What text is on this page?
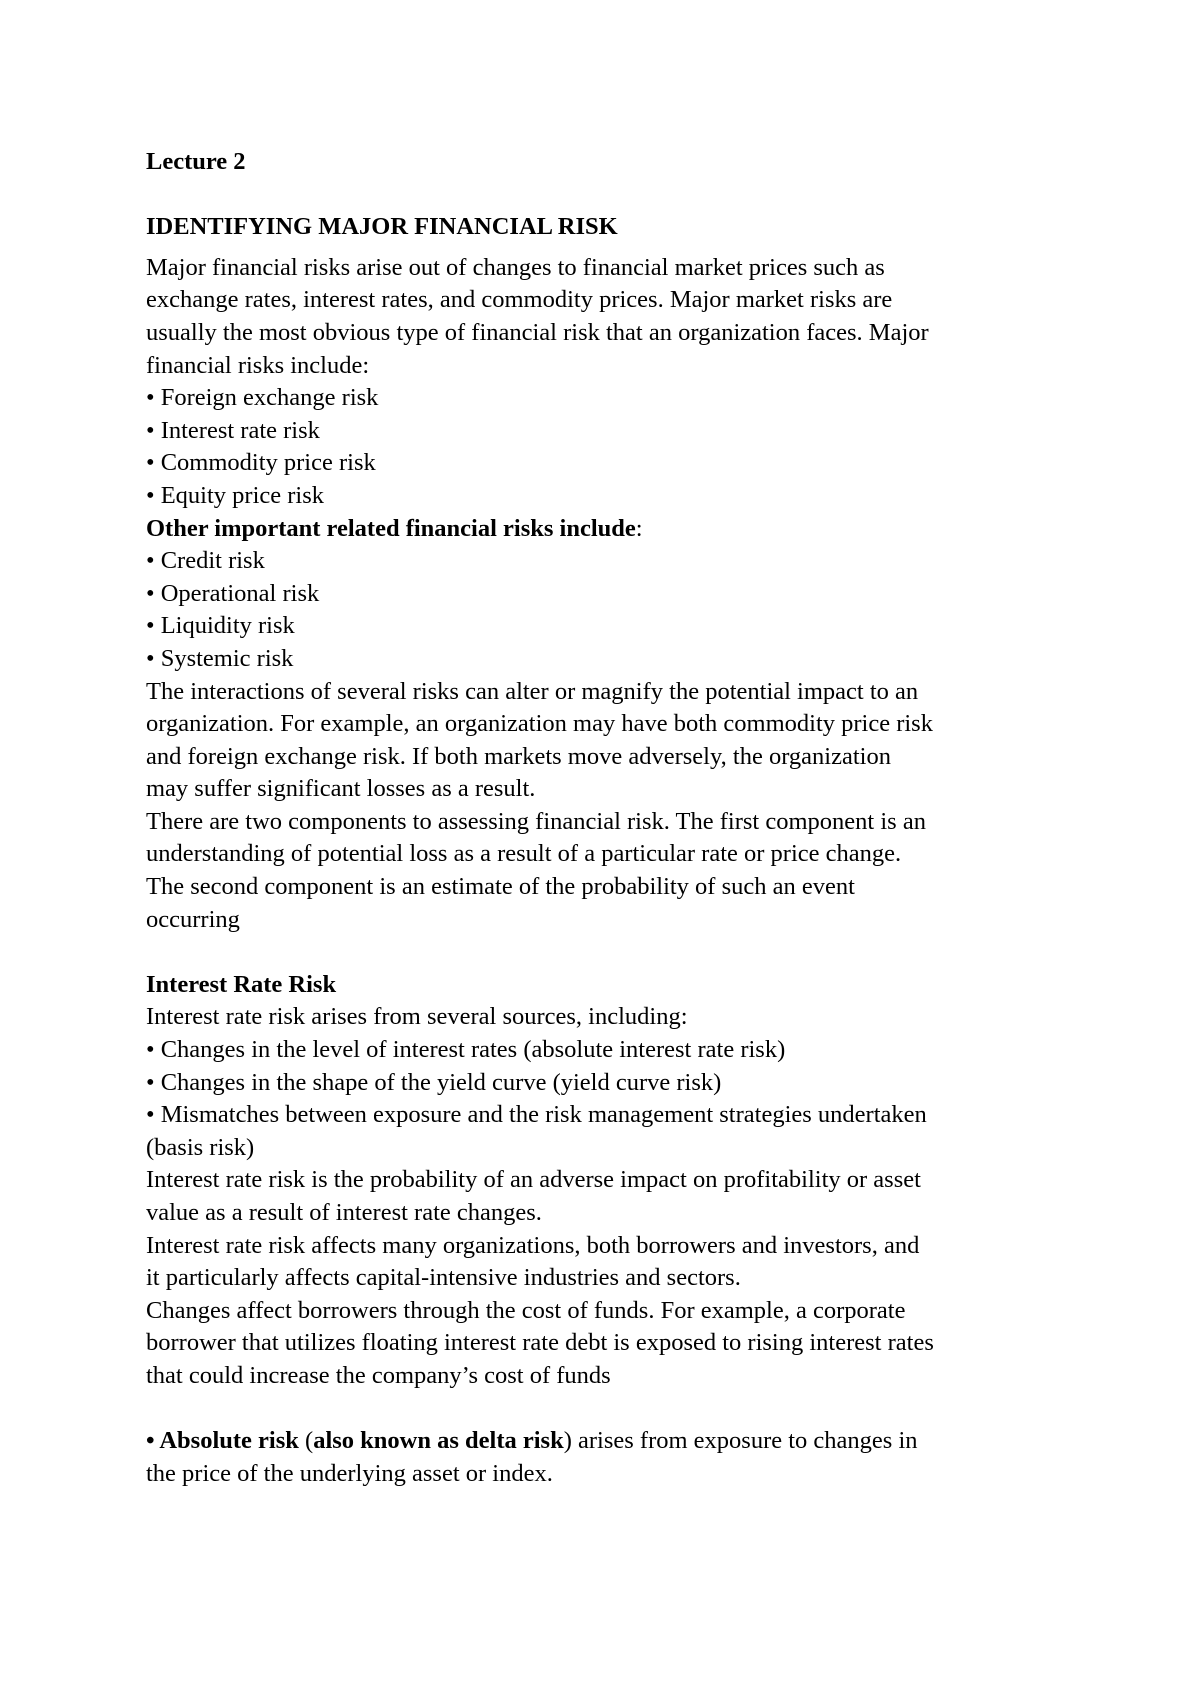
Lecture 2
IDENTIFYING MAJOR FINANCIAL RISK
Major financial risks arise out of changes to financial market prices such as
exchange rates, interest rates, and commodity prices. Major market risks are
usually the most obvious type of financial risk that an organization faces. Major
financial risks include:
• Foreign exchange risk
• Interest rate risk
• Commodity price risk
• Equity price risk
Other important related financial risks include:
• Credit risk
• Operational risk
• Liquidity risk
• Systemic risk
The interactions of several risks can alter or magnify the potential impact to an
organization. For example, an organization may have both commodity price risk
and foreign exchange risk. If both markets move adversely, the organization
may suffer significant losses as a result.
There are two components to assessing financial risk. The first component is an
understanding of potential loss as a result of a particular rate or price change.
The second component is an estimate of the probability of such an event
occurring
Interest Rate Risk
Interest rate risk arises from several sources, including:
• Changes in the level of interest rates (absolute interest rate risk)
• Changes in the shape of the yield curve (yield curve risk)
• Mismatches between exposure and the risk management strategies undertaken
(basis risk)
Interest rate risk is the probability of an adverse impact on profitability or asset
value as a result of interest rate changes.
Interest rate risk affects many organizations, both borrowers and investors, and
it particularly affects capital-intensive industries and sectors.
Changes affect borrowers through the cost of funds. For example, a corporate
borrower that utilizes floating interest rate debt is exposed to rising interest rates
that could increase the company’s cost of funds
• Absolute risk (also known as delta risk) arises from exposure to changes in
the price of the underlying asset or index.
